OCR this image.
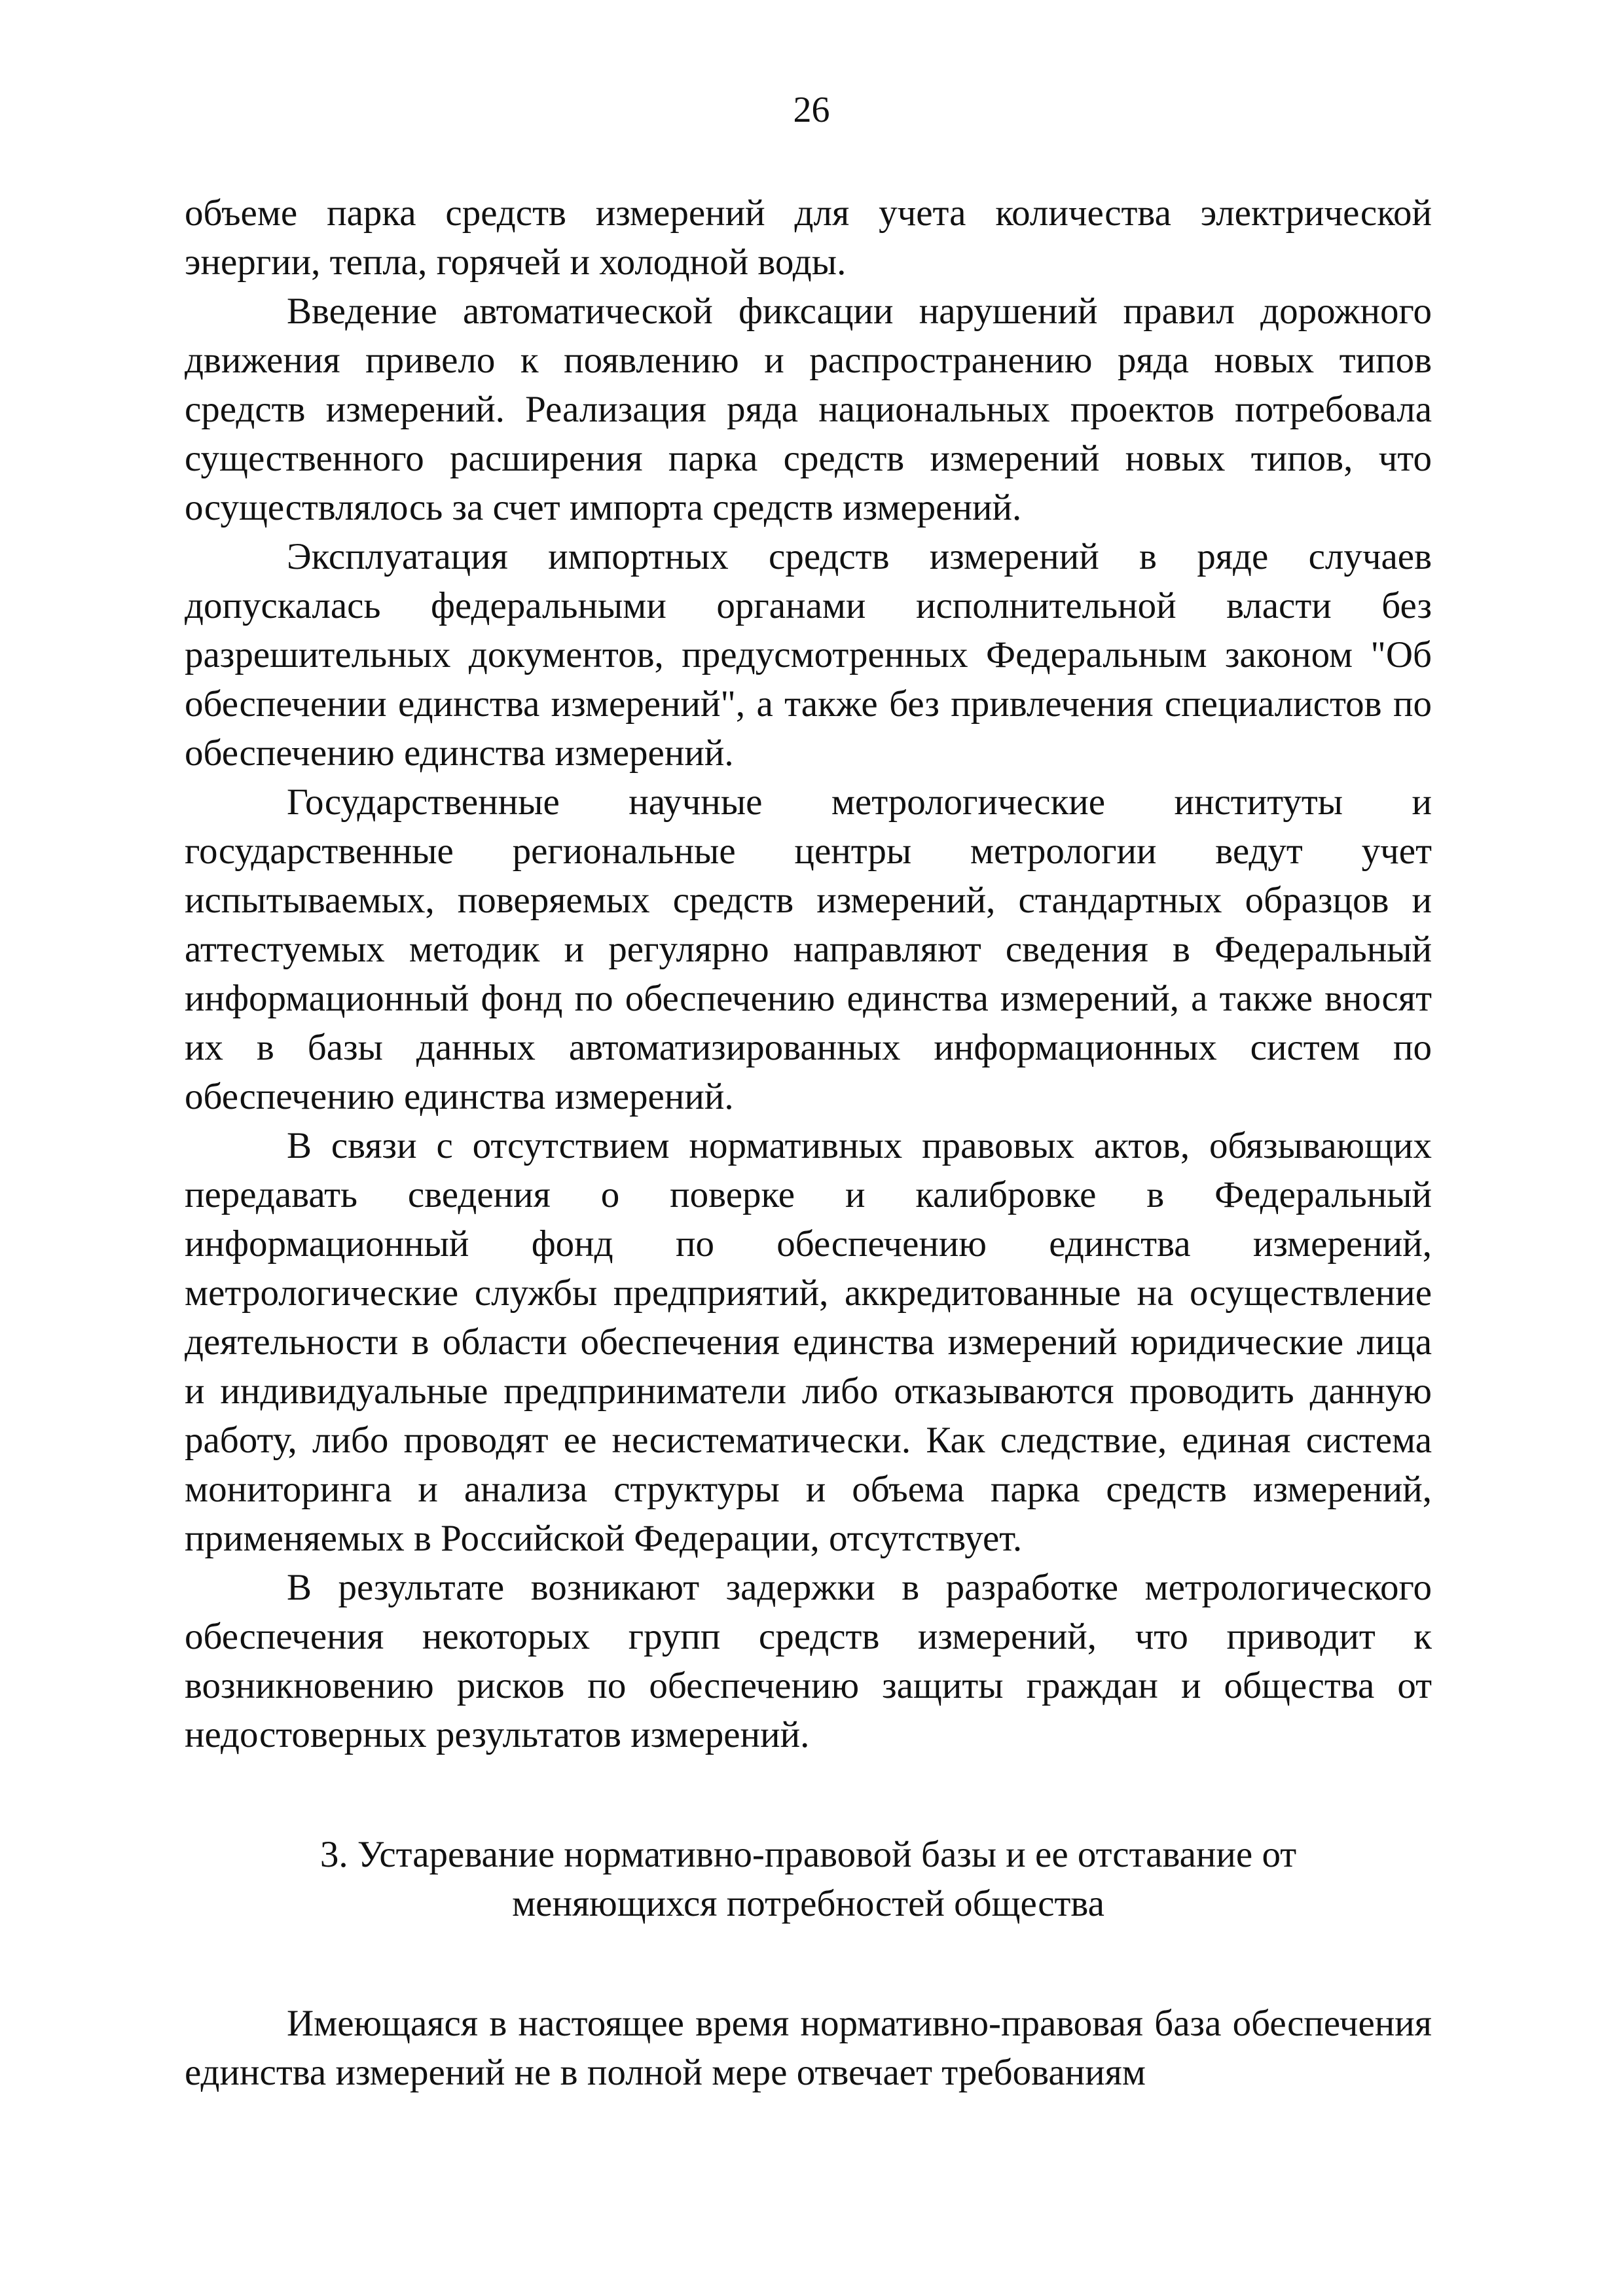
26

объеме парка средств измерений для учета количества электрической энергии, тепла, горячей и холодной воды.

Введение автоматической фиксации нарушений правил дорожного движения привело к появлению и распространению ряда новых типов средств измерений. Реализация ряда национальных проектов потребовала существенного расширения парка средств измерений новых типов, что осуществлялось за счет импорта средств измерений.

Эксплуатация импортных средств измерений в ряде случаев допускалась федеральными органами исполнительной власти без разрешительных документов, предусмотренных Федеральным законом "Об обеспечении единства измерений", а также без привлечения специалистов по обеспечению единства измерений.

Государственные научные метрологические институты и государственные региональные центры метрологии ведут учет испытываемых, поверяемых средств измерений, стандартных образцов и аттестуемых методик и регулярно направляют сведения в Федеральный информационный фонд по обеспечению единства измерений, а также вносят их в базы данных автоматизированных информационных систем по обеспечению единства измерений.

В связи с отсутствием нормативных правовых актов, обязывающих передавать сведения о поверке и калибровке в Федеральный информационный фонд по обеспечению единства измерений, метрологические службы предприятий, аккредитованные на осуществление деятельности в области обеспечения единства измерений юридические лица и индивидуальные предприниматели либо отказываются проводить данную работу, либо проводят ее несистематически. Как следствие, единая система мониторинга и анализа структуры и объема парка средств измерений, применяемых в Российской Федерации, отсутствует.

В результате возникают задержки в разработке метрологического обеспечения некоторых групп средств измерений, что приводит к возникновению рисков по обеспечению защиты граждан и общества от недостоверных результатов измерений.

3. Устаревание нормативно-правовой базы и ее отставание от
меняющихся потребностей общества

Имеющаяся в настоящее время нормативно-правовая база обеспечения единства измерений не в полной мере отвечает требованиям
